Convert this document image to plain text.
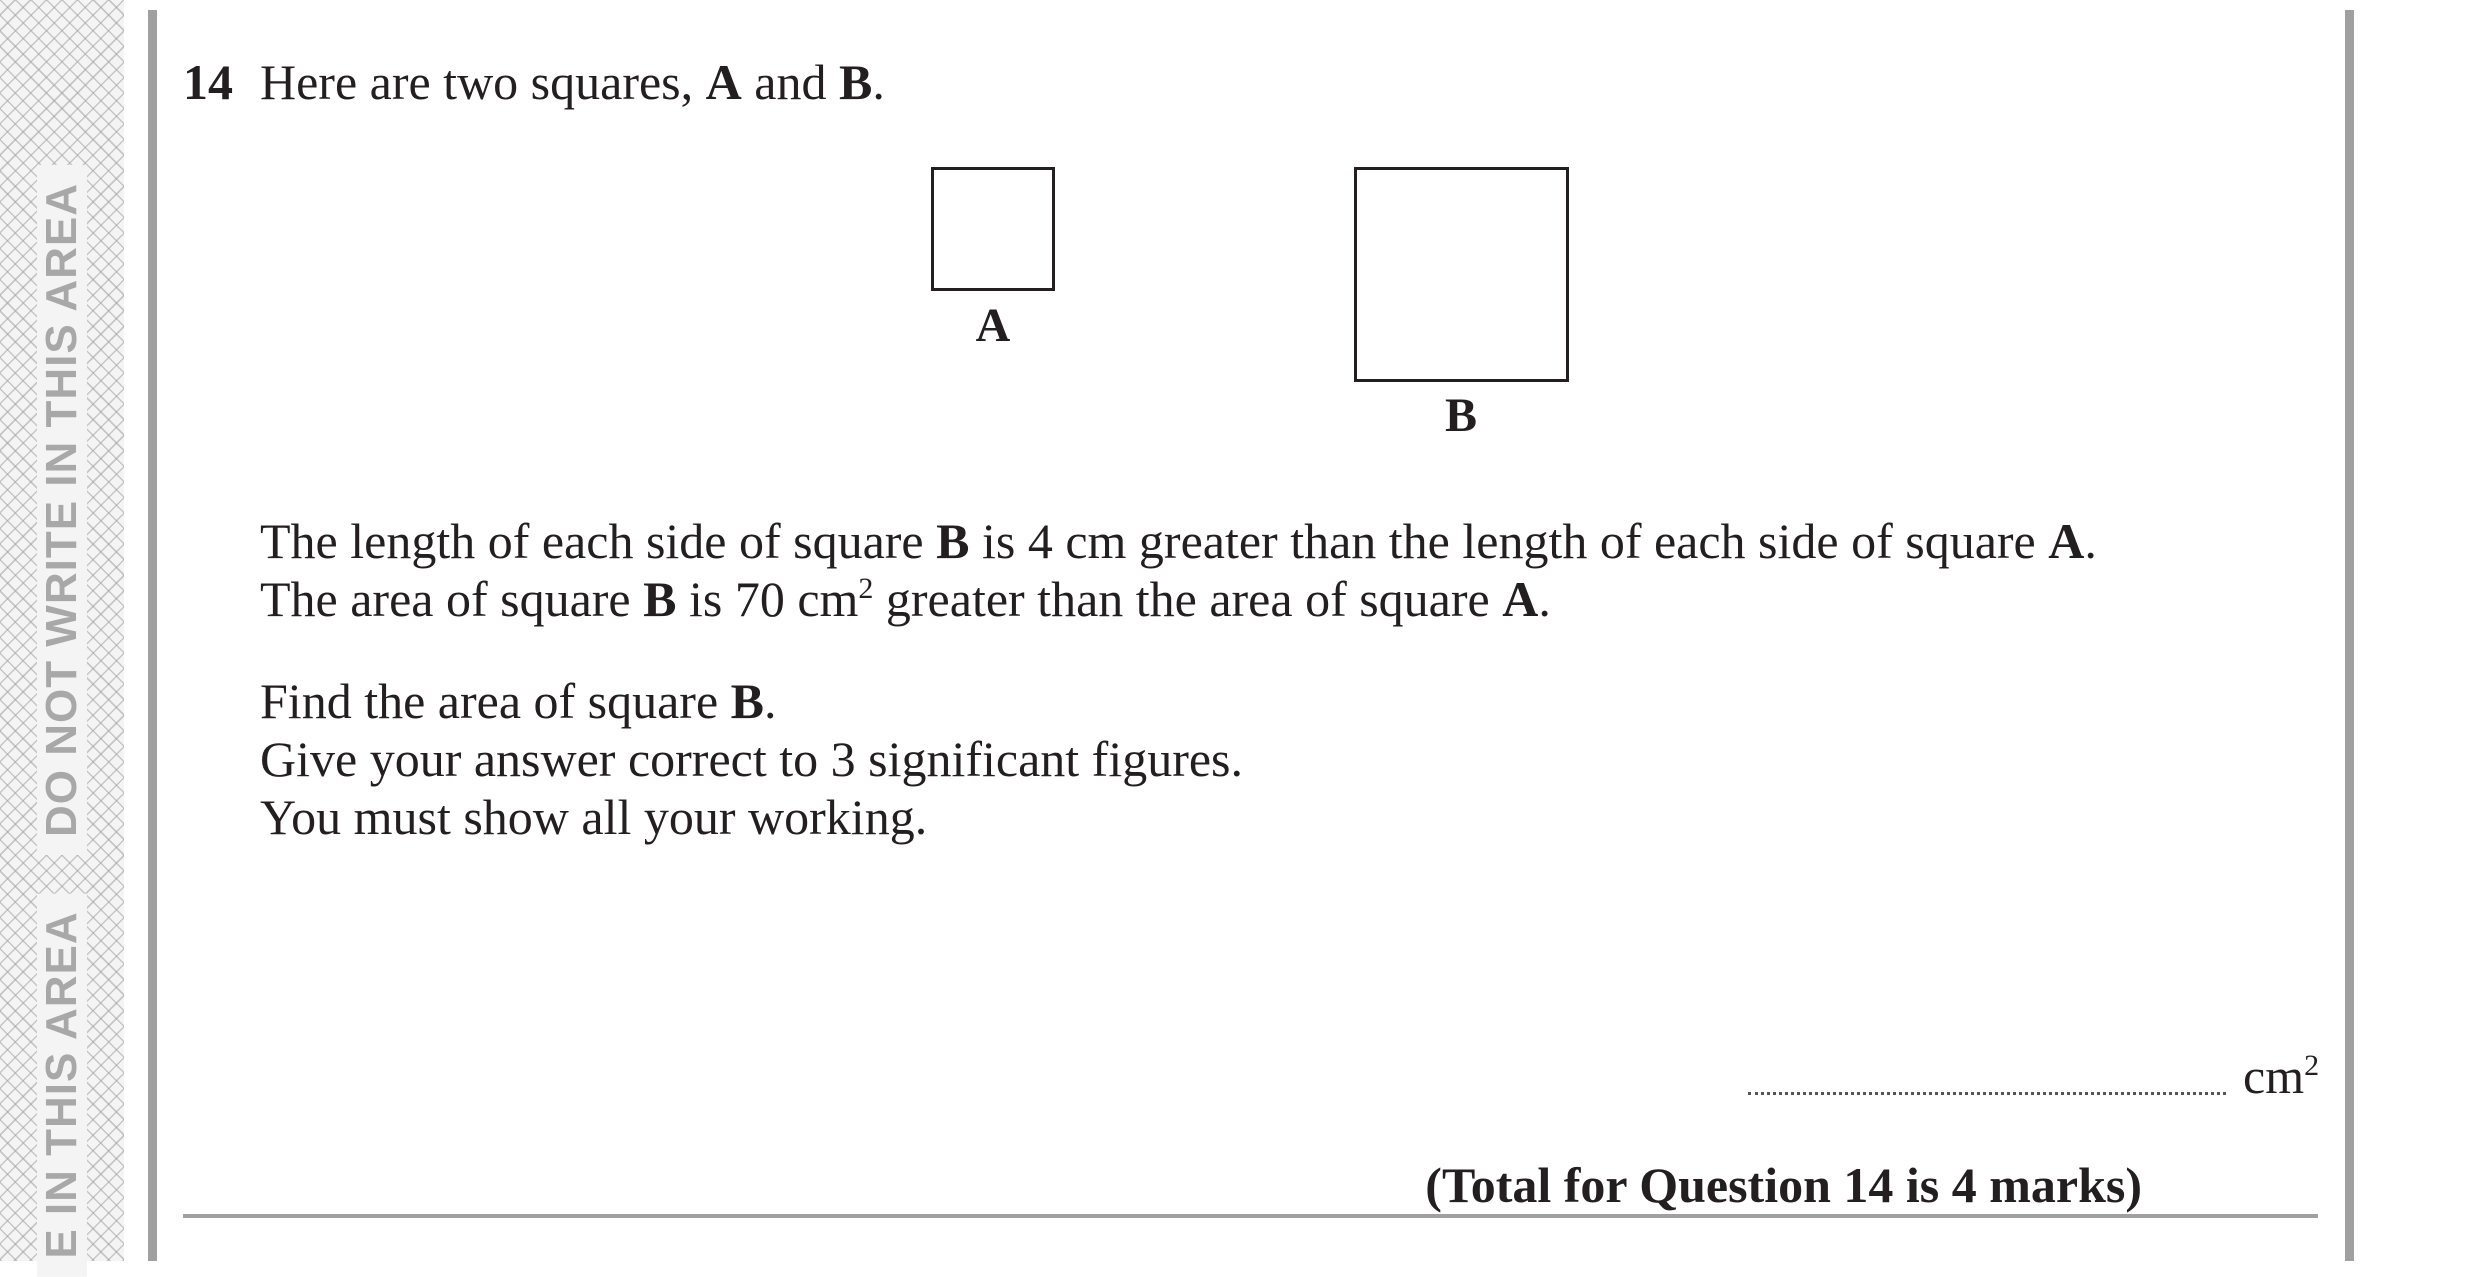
DO NOT WRITE IN THIS AREA
E IN THIS AREA
14 Here are two squares, A and B.
A
B
The length of each side of square B is 4 cm greater than the length of each side of square A.
The area of square B is 70 $cm^2$ greater than the area of square A.
Find the area of square B.
Give your answer correct to 3 significant figures.
You must show all your working.
$cm^2$
(Total for Question 14 is 4 marks)
